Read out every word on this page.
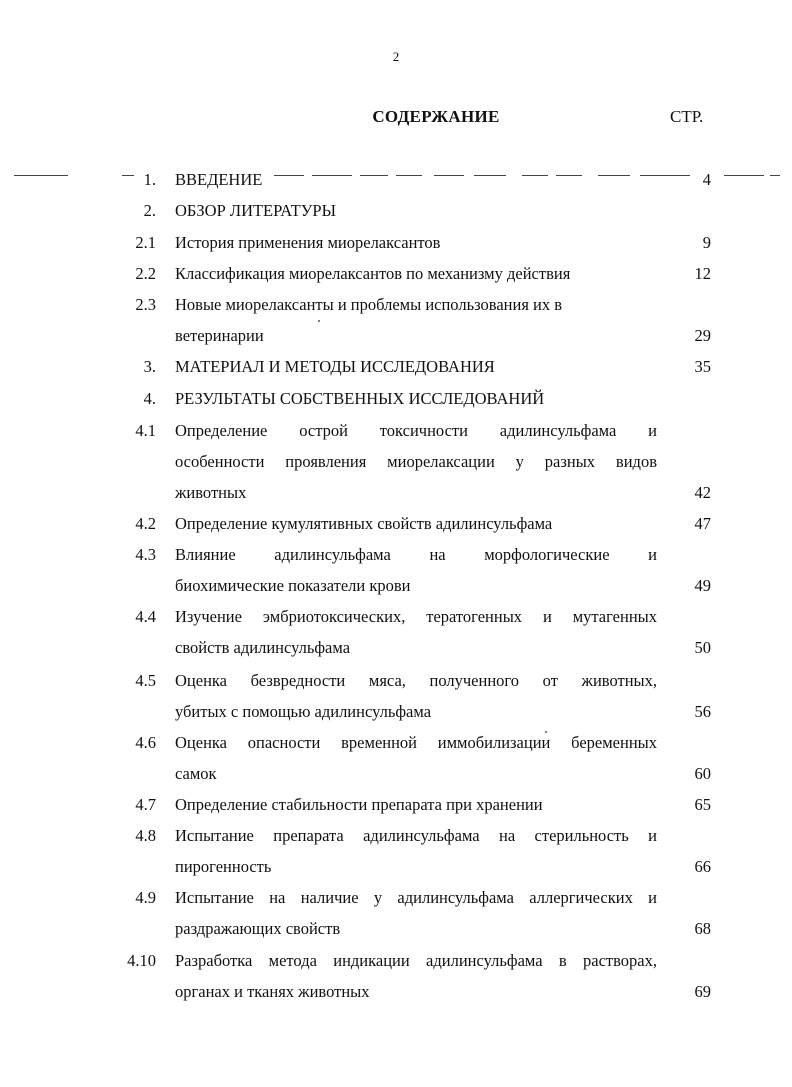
2
СОДЕРЖАНИЕ	СТР.
1. ВВЕДЕНИЕ	4
2. ОБЗОР ЛИТЕРАТУРЫ
2.1 История применения миорелаксантов	9
2.2 Классификация миорелаксантов по механизму действия	12
2.3 Новые миорелаксанты и проблемы использования их в
ветеринарии	29
3. МАТЕРИАЛ И МЕТОДЫ ИССЛЕДОВАНИЯ	35
4. РЕЗУЛЬТАТЫ СОБСТВЕННЫХ ИССЛЕДОВАНИЙ
4.1 Определение острой токсичности адилинсульфама и
особенности проявления миорелаксации у разных видов
животных	42
4.2 Определение кумулятивных свойств адилинсульфама	47
4.3 Влияние адилинсульфама на морфологические и
биохимические показатели крови	49
4.4 Изучение эмбриотоксических, тератогенных и мутагенных
свойств адилинсульфама	50
4.5 Оценка безвредности мяса, полученного от животных,
убитых с помощью адилинсульфама	56
4.6 Оценка опасности временной иммобилизации беременных
самок	60
4.7 Определение стабильности препарата при хранении	65
4.8 Испытание препарата адилинсульфама на стерильность и
пирогенность	66
4.9 Испытание на наличие у адилинсульфама аллергических и
раздражающих свойств	68
4.10 Разработка метода индикации адилинсульфама в растворах,
органах и тканях животных	69
